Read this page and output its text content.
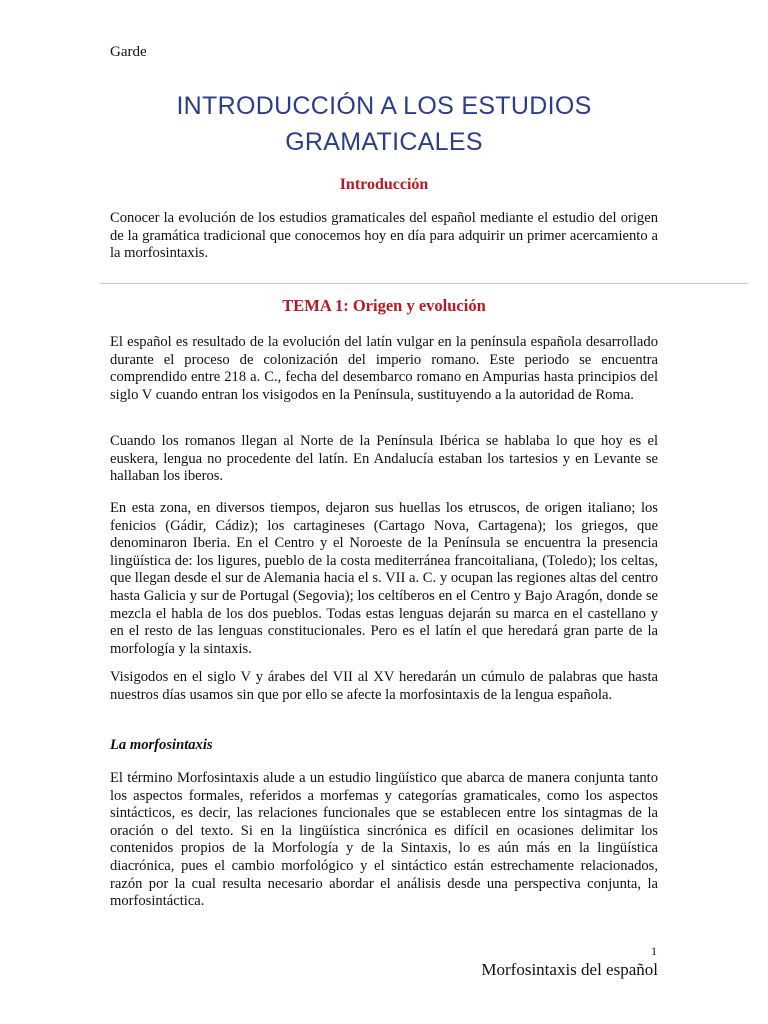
Garde
INTRODUCCIÓN A LOS ESTUDIOS
GRAMATICALES
Introducción

Conocer la evolución de los estudios gramaticales del español mediante el estudio del origen de la gramática tradicional que conocemos hoy en día para adquirir un primer acercamiento a la morfosintaxis.

TEMA 1: Origen y evolución

El español es resultado de la evolución del latín vulgar en la península española desarrollado durante el proceso de colonización del imperio romano. Este periodo se encuentra comprendido entre 218 a. C., fecha del desembarco romano en Ampurias hasta principios del siglo V cuando entran los visigodos en la Península, sustituyendo a la autoridad de Roma.

Cuando los romanos llegan al Norte de la Península Ibérica se hablaba lo que hoy es el euskera, lengua no procedente del latín. En Andalucía estaban los tartesios y en Levante se hallaban los iberos.

En esta zona, en diversos tiempos, dejaron sus huellas los etruscos, de origen italiano; los fenicios (Gádir, Cádiz); los cartagineses (Cartago Nova, Cartagena); los griegos, que denominaron Iberia. En el Centro y el Noroeste de la Península se encuentra la presencia lingüística de: los ligures, pueblo de la costa mediterránea francoitaliana, (Toledo); los celtas, que llegan desde el sur de Alemania hacia el s. VII a. C. y ocupan las regiones altas del centro hasta Galicia y sur de Portugal (Segovia); los celtíberos en el Centro y Bajo Aragón, donde se mezcla el habla de los dos pueblos. Todas estas lenguas dejarán su marca en el castellano y en el resto de las lenguas constitucionales. Pero es el latín el que heredará gran parte de la morfología y la sintaxis.

Visigodos en el siglo V y árabes del VII al XV heredarán un cúmulo de palabras que hasta nuestros días usamos sin que por ello se afecte la morfosintaxis de la lengua española.

La morfosintaxis

El término Morfosintaxis alude a un estudio lingüístico que abarca de manera conjunta tanto los aspectos formales, referidos a morfemas y categorías gramaticales, como los aspectos sintácticos, es decir, las relaciones funcionales que se establecen entre los sintagmas de la oración o del texto. Si en la lingüística sincrónica es difícil en ocasiones delimitar los contenidos propios de la Morfología y de la Sintaxis, lo es aún más en la lingüística diacrónica, pues el cambio morfológico y el sintáctico están estrechamente relacionados, razón por la cual resulta necesario abordar el análisis desde una perspectiva conjunta, la morfosintáctica.

1
Morfosintaxis del español
